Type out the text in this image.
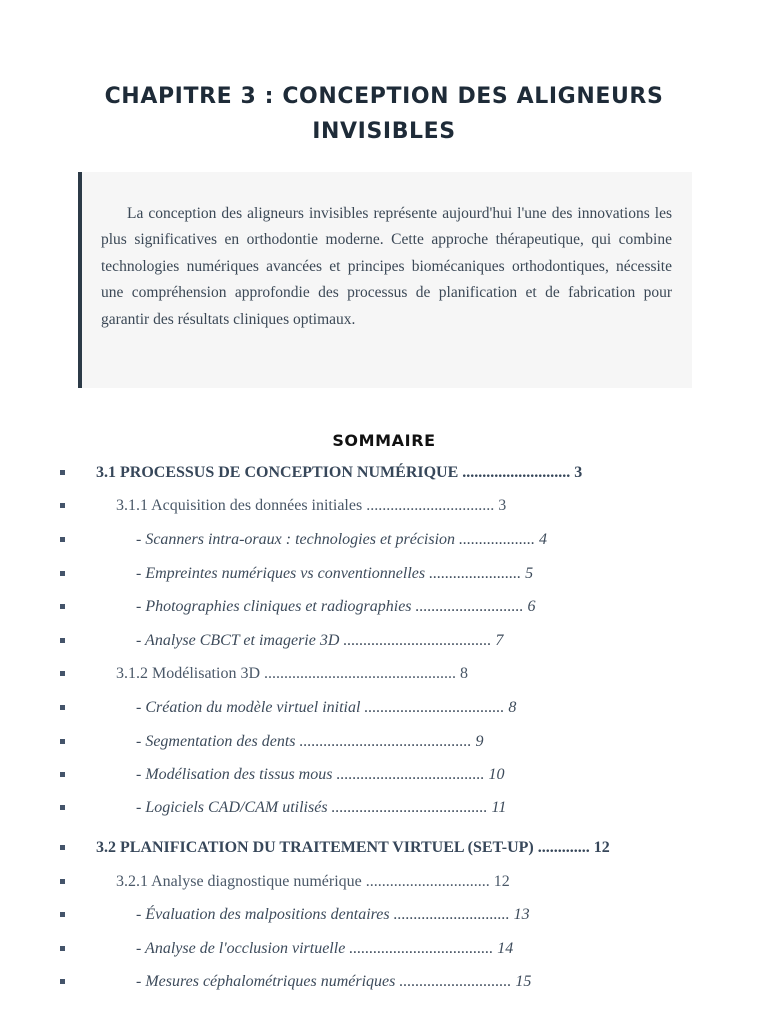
CHAPITRE 3 : CONCEPTION DES ALIGNEURS INVISIBLES

La conception des aligneurs invisibles représente aujourd'hui l'une des innovations les plus significatives en orthodontie moderne. Cette approche thérapeutique, qui combine technologies numériques avancées et principes biomécaniques orthodontiques, nécessite une compréhension approfondie des processus de planification et de fabrication pour garantir des résultats cliniques optimaux.

SOMMAIRE
3.1 PROCESSUS DE CONCEPTION NUMÉRIQUE ........................... 3
3.1.1 Acquisition des données initiales ................................ 3
- Scanners intra-oraux : technologies et précision ................... 4
- Empreintes numériques vs conventionnelles ....................... 5
- Photographies cliniques et radiographies ........................... 6
- Analyse CBCT et imagerie 3D ..................................... 7
3.1.2 Modélisation 3D ................................................ 8
- Création du modèle virtuel initial ................................... 8
- Segmentation des dents ........................................... 9
- Modélisation des tissus mous ..................................... 10
- Logiciels CAD/CAM utilisés ....................................... 11
3.2 PLANIFICATION DU TRAITEMENT VIRTUEL (SET-UP) ............. 12
3.2.1 Analyse diagnostique numérique ............................... 12
- Évaluation des malpositions dentaires ............................. 13
- Analyse de l'occlusion virtuelle .................................... 14
- Mesures céphalométriques numériques ............................ 15
